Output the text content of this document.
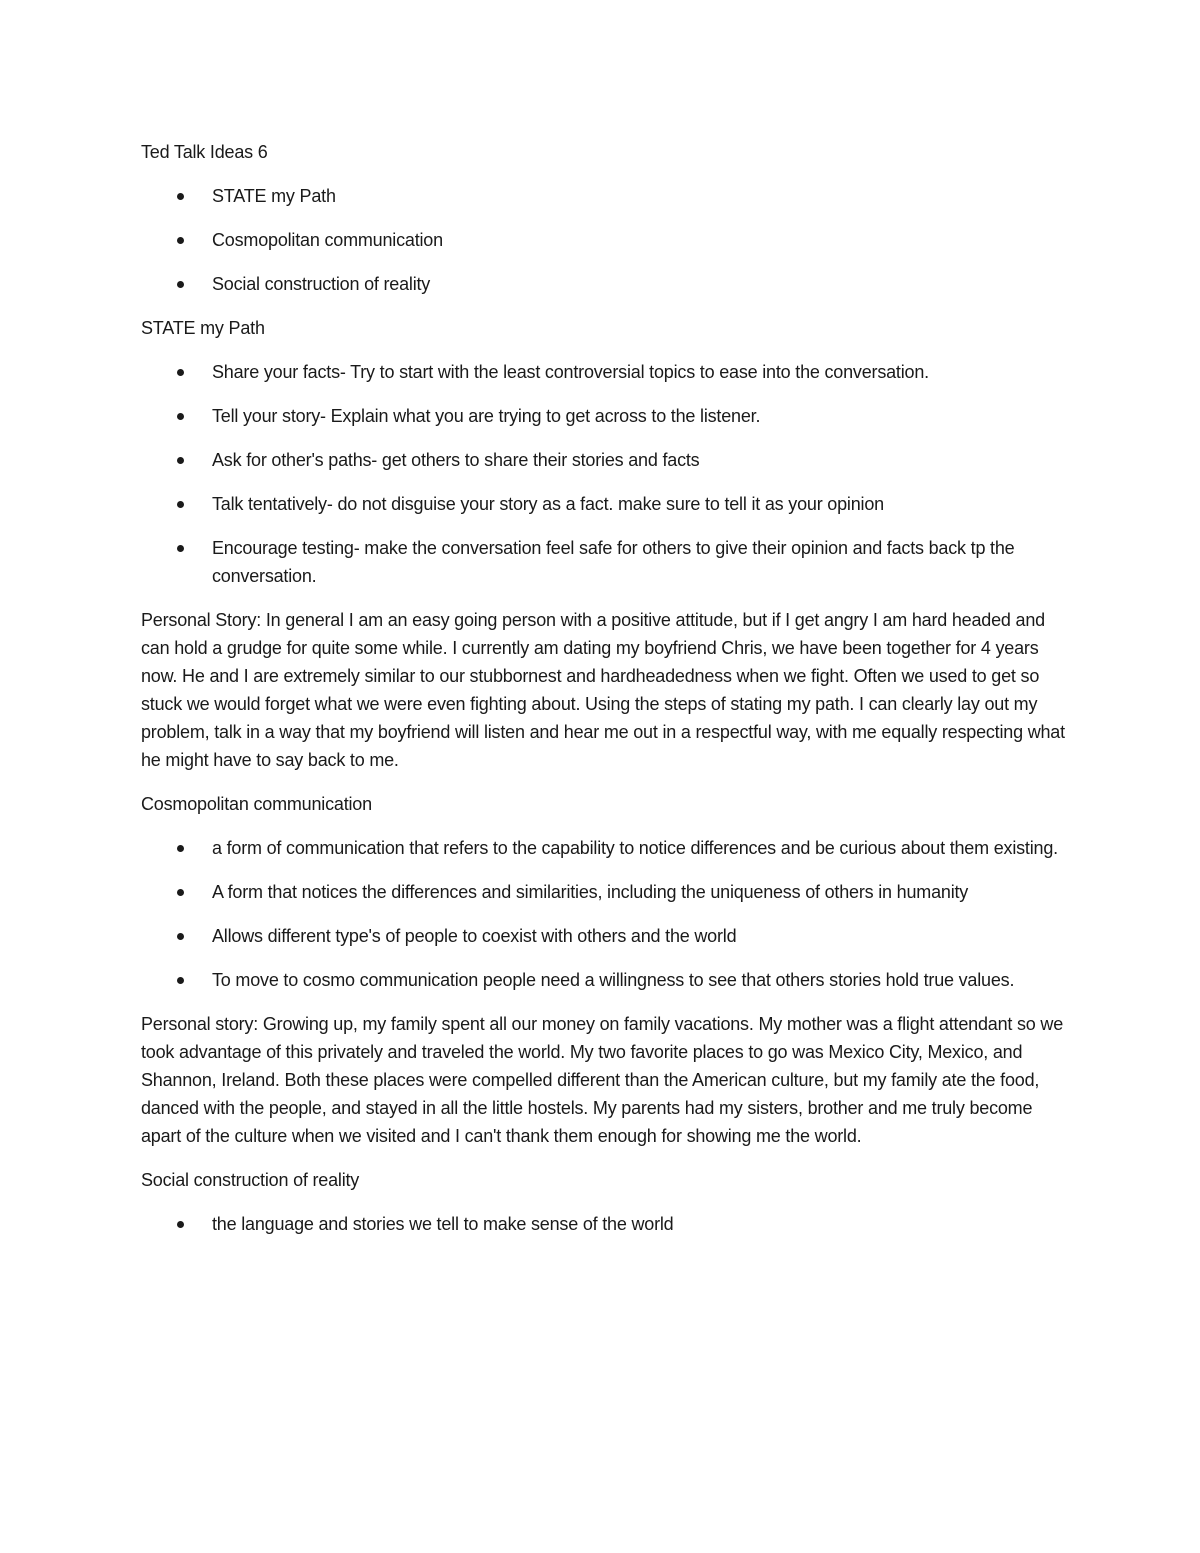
Ted Talk Ideas 6

STATE my Path
Cosmopolitan communication
Social construction of reality

STATE my Path

Share your facts- Try to start with the least controversial topics to ease into the conversation.
Tell your story- Explain what you are trying to get across to the listener.
Ask for other's paths- get others to share their stories and facts
Talk tentatively- do not disguise your story as a fact. make sure to tell it as your opinion
Encourage testing- make the conversation feel safe for others to give their opinion and facts back tp the conversation.

Personal Story: In general I am an easy going person with a positive attitude, but if I get angry I am hard headed and can hold a grudge for quite some while. I currently am dating my boyfriend Chris, we have been together for 4 years now. He and I are extremely similar to our stubbornest and hardheadedness when we fight. Often we used to get so stuck we would forget what we were even fighting about. Using the steps of stating my path. I can clearly lay out my problem, talk in a way that my boyfriend will listen and hear me out in a respectful way, with me equally respecting what he might have to say back to me.

Cosmopolitan communication

a form of communication that refers to the capability to notice differences and be curious about them existing.
A form that notices the differences and similarities, including the uniqueness of others in humanity
Allows different type's of people to coexist with others and the world
To move to cosmo communication people need a willingness to see that others stories hold true values.

Personal story: Growing up, my family spent all our money on family vacations. My mother was a flight attendant so we took advantage of this privately and traveled the world. My two favorite places to go was Mexico City, Mexico, and Shannon, Ireland. Both these places were compelled different than the American culture, but my family ate the food, danced with the people, and stayed in all the little hostels. My parents had my sisters, brother and me truly become apart of the culture when we visited and I can't thank them enough for showing me the world.

Social construction of reality

the language and stories we tell to make sense of the world
